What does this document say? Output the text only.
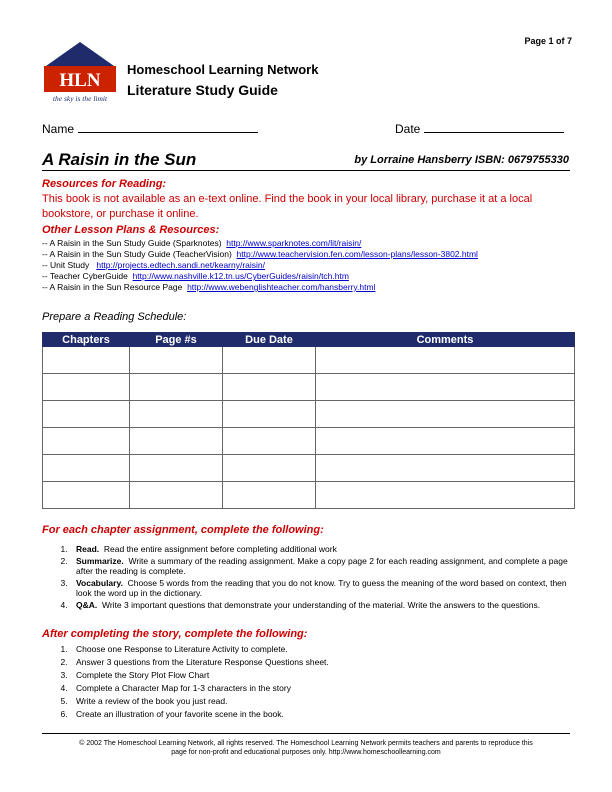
Page 1 of 7
HLN
the sky is the limit
Homeschool Learning Network
Literature Study Guide
Name	Date
A Raisin in the Sun	by Lorraine Hansberry ISBN: 0679755330
Resources for Reading:
This book is not available as an e-text online. Find the book in your local library, purchase it at a local bookstore, or purchase it online.
Other Lesson Plans & Resources:
-- A Raisin in the Sun Study Guide (Sparknotes) http://www.sparknotes.com/lit/raisin/
-- A Raisin in the Sun Study Guide (TeacherVision) http://www.teachervision.fen.com/lesson-plans/lesson-3802.html
-- Unit Study http://projects.edtech.sandi.net/kearny/raisin/
-- Teacher CyberGuide http://www.nashville.k12.tn.us/CyberGuides/raisin/tch.htm
-- A Raisin in the Sun Resource Page http://www.webenglishteacher.com/hansberry.html
Prepare a Reading Schedule:
Chapters	Page #s	Due Date	Comments

For each chapter assignment, complete the following:
1. Read. Read the entire assignment before completing additional work
2. Summarize. Write a summary of the reading assignment. Make a copy page 2 for each reading assignment, and complete a page after the reading is complete.
3. Vocabulary. Choose 5 words from the reading that you do not know. Try to guess the meaning of the word based on context, then look the word up in the dictionary.
4. Q&A. Write 3 important questions that demonstrate your understanding of the material. Write the answers to the questions.
After completing the story, complete the following:
1. Choose one Response to Literature Activity to complete.
2. Answer 3 questions from the Literature Response Questions sheet.
3. Complete the Story Plot Flow Chart
4. Complete a Character Map for 1-3 characters in the story
5. Write a review of the book you just read.
6. Create an illustration of your favorite scene in the book.
© 2002 The Homeschool Learning Network, all rights reserved. The Homeschool Learning Network permits teachers and parents to reproduce this
page for non-profit and educational purposes only. http://www.homeschoollearning.com
